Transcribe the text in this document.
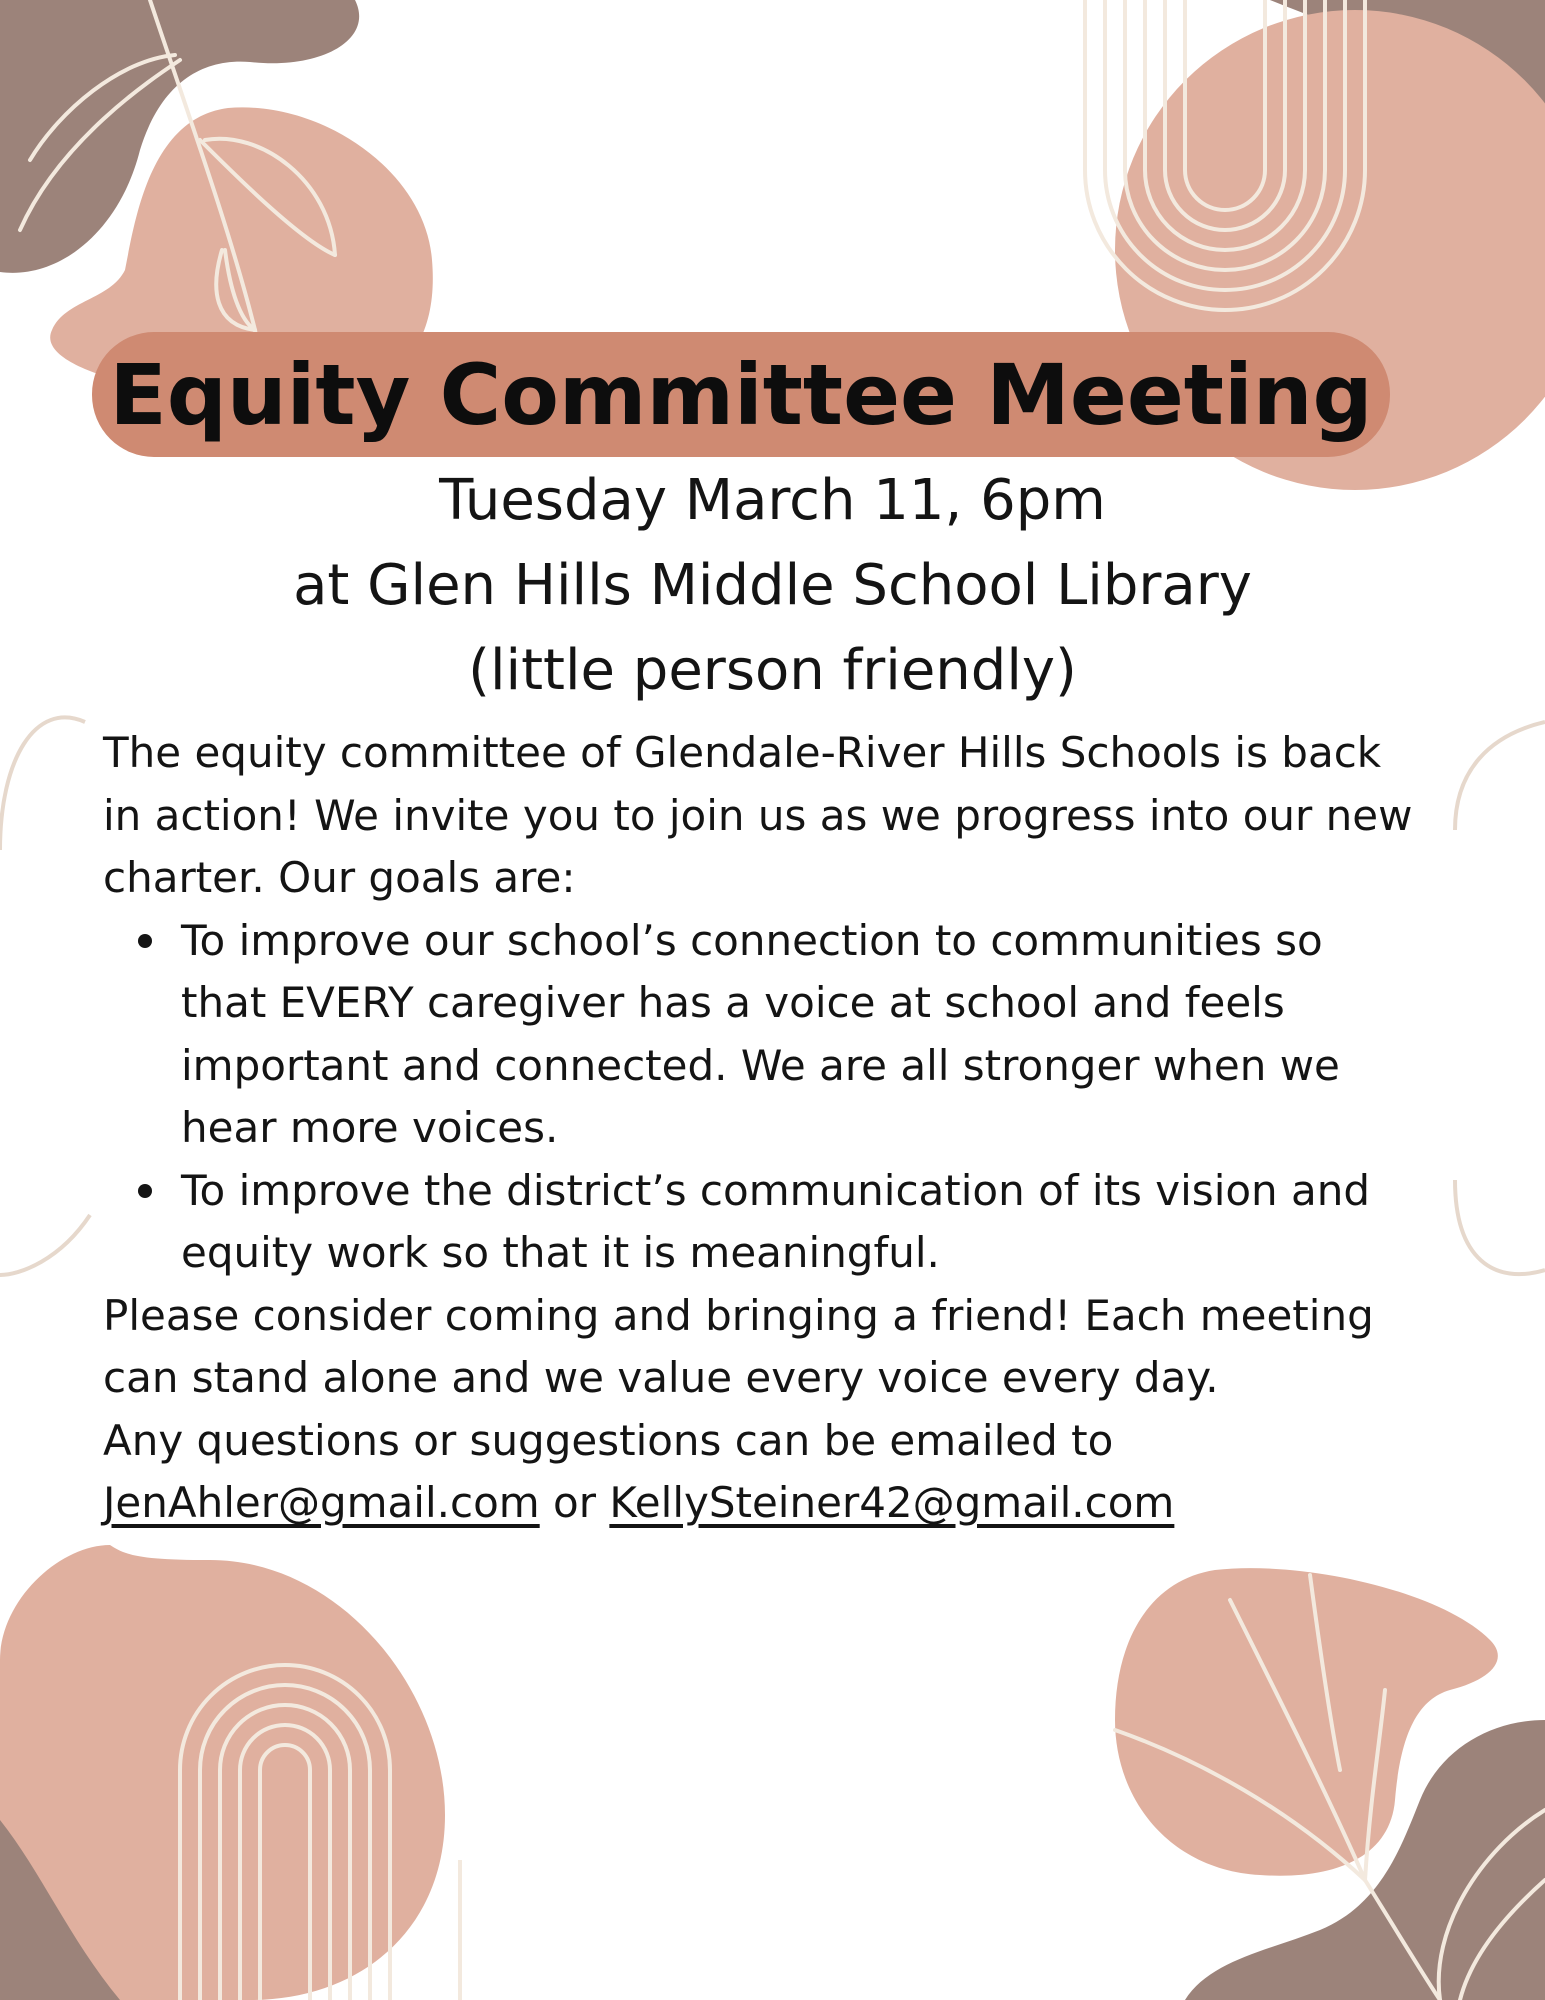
Equity Committee Meeting
Tuesday March 11, 6pm
at Glen Hills Middle School Library
(little person friendly)

The equity committee of Glendale-River Hills Schools is back

in action! We invite you to join us as we progress into our new

charter. Our goals are:

To improve our school’s connection to communities so

that EVERY caregiver has a voice at school and feels

important and connected. We are all stronger when we

hear more voices.

To improve the district’s communication of its vision and

equity work so that it is meaningful.

Please consider coming and bringing a friend! Each meeting

can stand alone and we value every voice every day.

Any questions or suggestions can be emailed to

JenAhler@gmail.com or KellySteiner42@gmail.com
